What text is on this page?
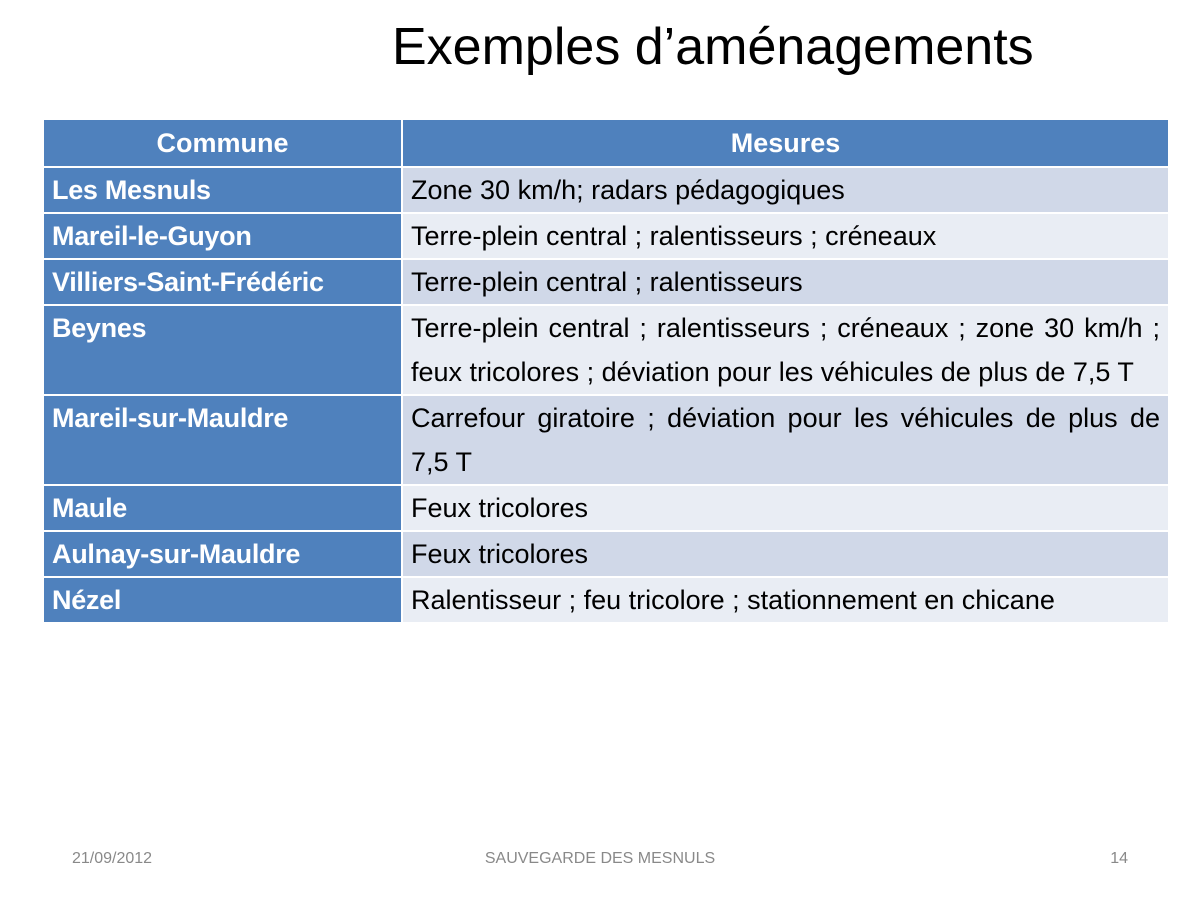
Exemples d’aménagements
Commune	Mesures
Les Mesnuls	Zone 30 km/h; radars pédagogiques
Mareil-le-Guyon	Terre-plein central ; ralentisseurs ; créneaux
Villiers-Saint-Frédéric	Terre-plein central ; ralentisseurs
Beynes	Terre-plein central ; ralentisseurs ; créneaux ; zone 30 km/h ; feux tricolores ; déviation pour les véhicules de plus de 7,5 T
Mareil-sur-Mauldre	Carrefour giratoire ; déviation pour les véhicules de plus de 7,5 T
Maule	Feux tricolores
Aulnay-sur-Mauldre	Feux tricolores
Nézel	Ralentisseur ; feu tricolore ; stationnement en chicane
21/09/2012	SAUVEGARDE DES MESNULS	14
